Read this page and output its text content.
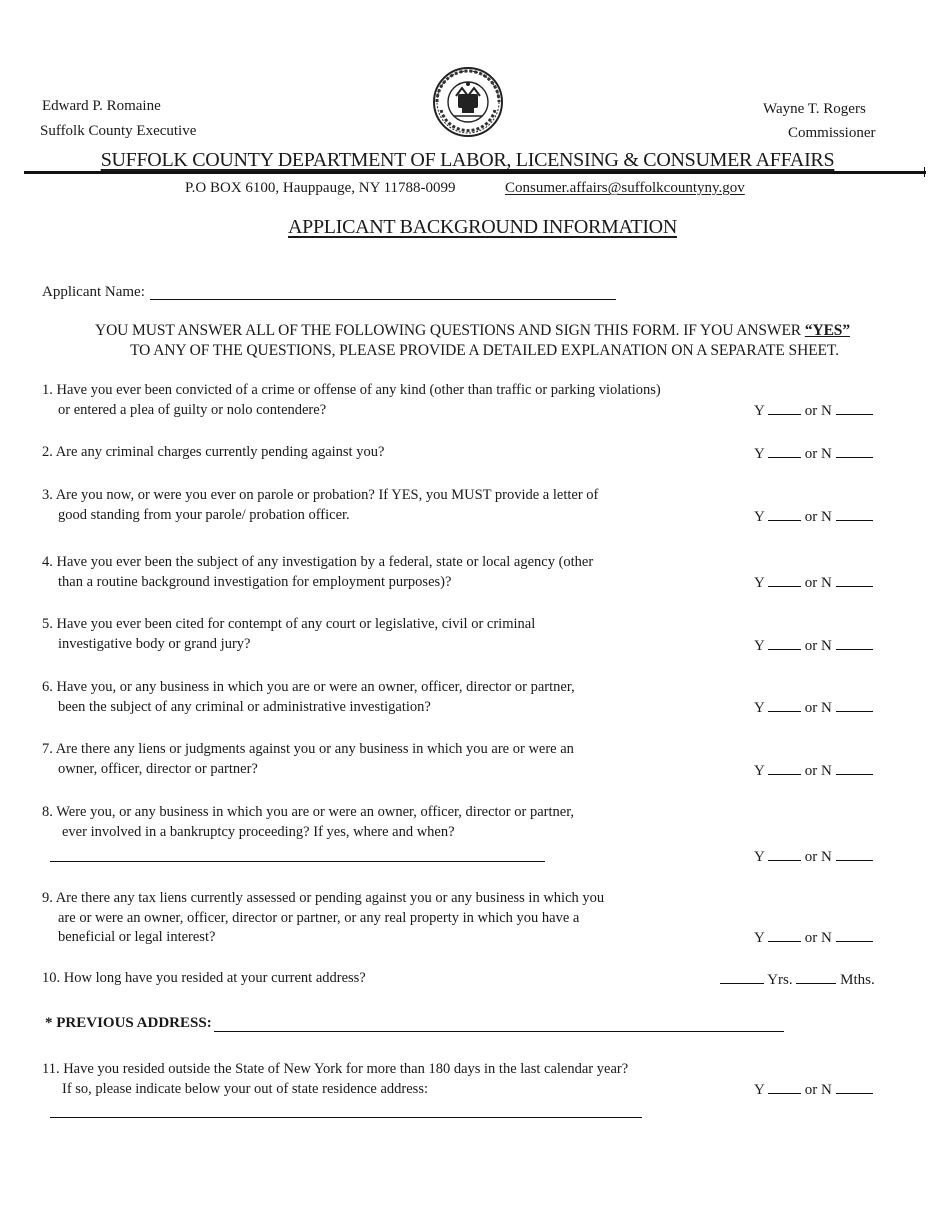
Edward P. Romaine
Suffolk County Executive
Wayne T. Rogers
Commissioner
SUFFOLK COUNTY DEPARTMENT OF LABOR, LICENSING & CONSUMER AFFAIRS
P.O BOX 6100, Hauppauge, NY 11788-0099	Consumer.affairs@suffolkcountyny.gov
APPLICANT BACKGROUND INFORMATION
Applicant Name:
YOU MUST ANSWER ALL OF THE FOLLOWING QUESTIONS AND SIGN THIS FORM. IF YOU ANSWER “YES”
TO ANY OF THE QUESTIONS, PLEASE PROVIDE A DETAILED EXPLANATION ON A SEPARATE SHEET.
1. Have you ever been convicted of a crime or offense of any kind (other than traffic or parking violations)
or entered a plea of guilty or nolo contendere?	Y	or N
2. Are any criminal charges currently pending against you?	Y	or N
3. Are you now, or were you ever on parole or probation? If YES, you MUST provide a letter of
good standing from your parole/ probation officer.	Y	or N
4. Have you ever been the subject of any investigation by a federal, state or local agency (other
than a routine background investigation for employment purposes)?	Y	or N
5. Have you ever been cited for contempt of any court or legislative, civil or criminal
investigative body or grand jury?	Y	or N
6. Have you, or any business in which you are or were an owner, officer, director or partner,
been the subject of any criminal or administrative investigation?	Y	or N
7. Are there any liens or judgments against you or any business in which you are or were an
owner, officer, director or partner?	Y	or N
8. Were you, or any business in which you are or were an owner, officer, director or partner,
ever involved in a bankruptcy proceeding? If yes, where and when?
Y	or N
9. Are there any tax liens currently assessed or pending against you or any business in which you
are or were an owner, officer, director or partner, or any real property in which you have a
beneficial or legal interest?	Y	or N
10. How long have you resided at your current address?	Yrs.	Mths.
* PREVIOUS ADDRESS:
11. Have you resided outside the State of New York for more than 180 days in the last calendar year?
If so, please indicate below your out of state residence address:	Y	or N
